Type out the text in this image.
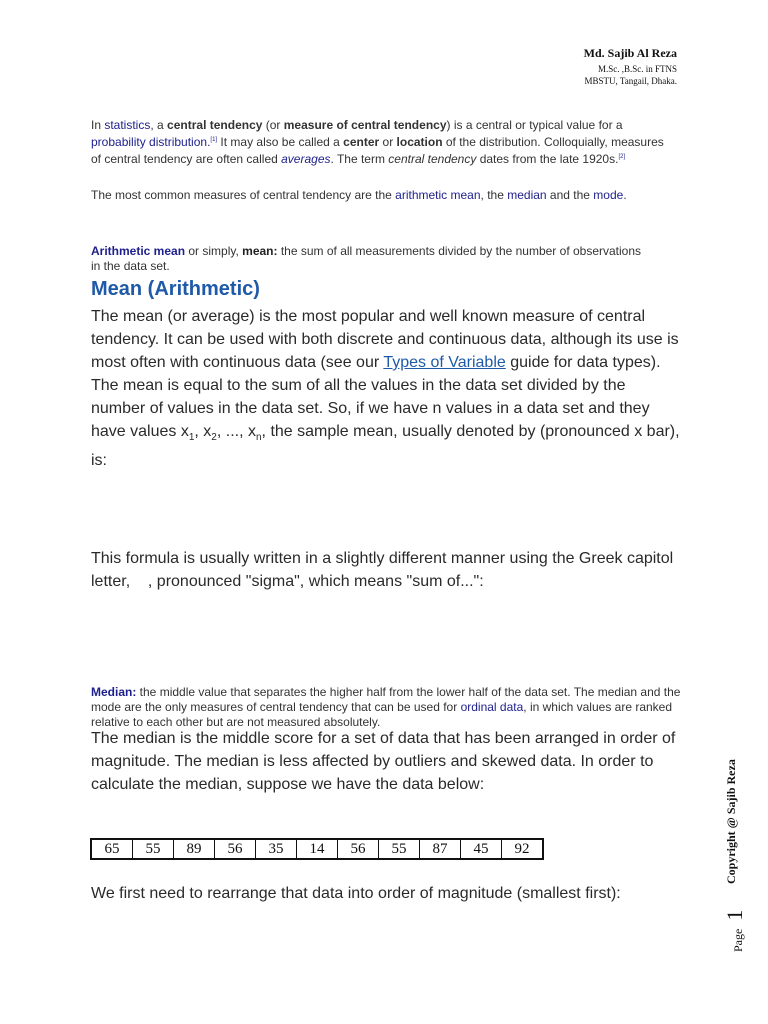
Md. Sajib Al Reza
M.Sc. ,B.Sc. in FTNS
MBSTU, Tangail, Dhaka.
In statistics, a central tendency (or measure of central tendency) is a central or typical value for a probability distribution.[1] It may also be called a center or location of the distribution. Colloquially, measures of central tendency are often called averages. The term central tendency dates from the late 1920s.[2]
The most common measures of central tendency are the arithmetic mean, the median and the mode.
Arithmetic mean or simply, mean: the sum of all measurements divided by the number of observations in the data set.
Mean (Arithmetic)
The mean (or average) is the most popular and well known measure of central tendency. It can be used with both discrete and continuous data, although its use is most often with continuous data (see our Types of Variable guide for data types). The mean is equal to the sum of all the values in the data set divided by the number of values in the data set. So, if we have n values in a data set and they have values $x_1$, $x_2$, ..., $x_n$, the sample mean, usually denoted by (pronounced x bar), is:
This formula is usually written in a slightly different manner using the Greek capitol letter,    , pronounced "sigma", which means "sum of...":
Median: the middle value that separates the higher half from the lower half of the data set. The median and the mode are the only measures of central tendency that can be used for ordinal data, in which values are ranked relative to each other but are not measured absolutely.
The median is the middle score for a set of data that has been arranged in order of magnitude. The median is less affected by outliers and skewed data. In order to calculate the median, suppose we have the data below:
65	55	89	56	35	14	56	55	87	45	92
We first need to rearrange that data into order of magnitude (smallest first):
Copyright @ Sajib Reza
Page 1
